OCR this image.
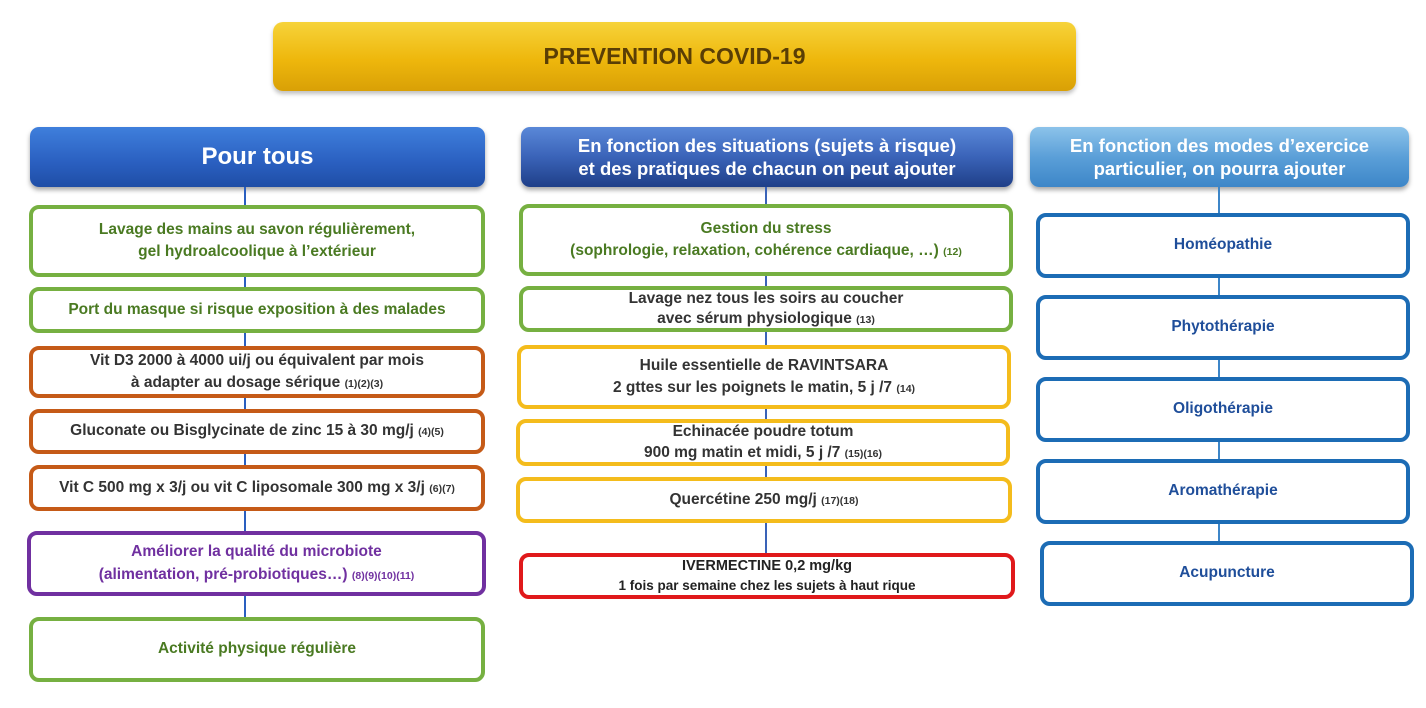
PREVENTION COVID-19
Pour tous	En fonction des situations (sujets à risque)
et des pratiques de chacun on peut ajouter
En fonction des modes d’exercice
particulier, on pourra ajouter
Lavage des mains au savon régulièrement,
gel hydroalcoolique à l’extérieur
Port du masque si risque exposition à des malades
Vit D3 2000 à 4000 ui/j ou équivalent par mois
à adapter au dosage sérique (1)(2)(3)
Gluconate ou Bisglycinate de zinc 15 à 30 mg/j (4)(5)
Vit C 500 mg x 3/j ou vit C liposomale 300 mg x 3/j (6)(7)
Améliorer la qualité du microbiote
(alimentation, pré-probiotiques…) (8)(9)(10)(11)
Activité physique régulière
Gestion du stress
(sophrologie, relaxation, cohérence cardiaque, …) (12)
Lavage nez tous les soirs au coucher
avec sérum physiologique (13)
Huile essentielle de RAVINTSARA
2 gttes sur les poignets le matin, 5 j /7 (14)
Echinacée poudre totum
900 mg matin et midi, 5 j /7 (15)(16)
Quercétine 250 mg/j (17)(18)
IVERMECTINE 0,2 mg/kg
1 fois par semaine chez les sujets à haut rique
Homéopathie
Phytothérapie
Oligothérapie
Aromathérapie
Acupuncture
